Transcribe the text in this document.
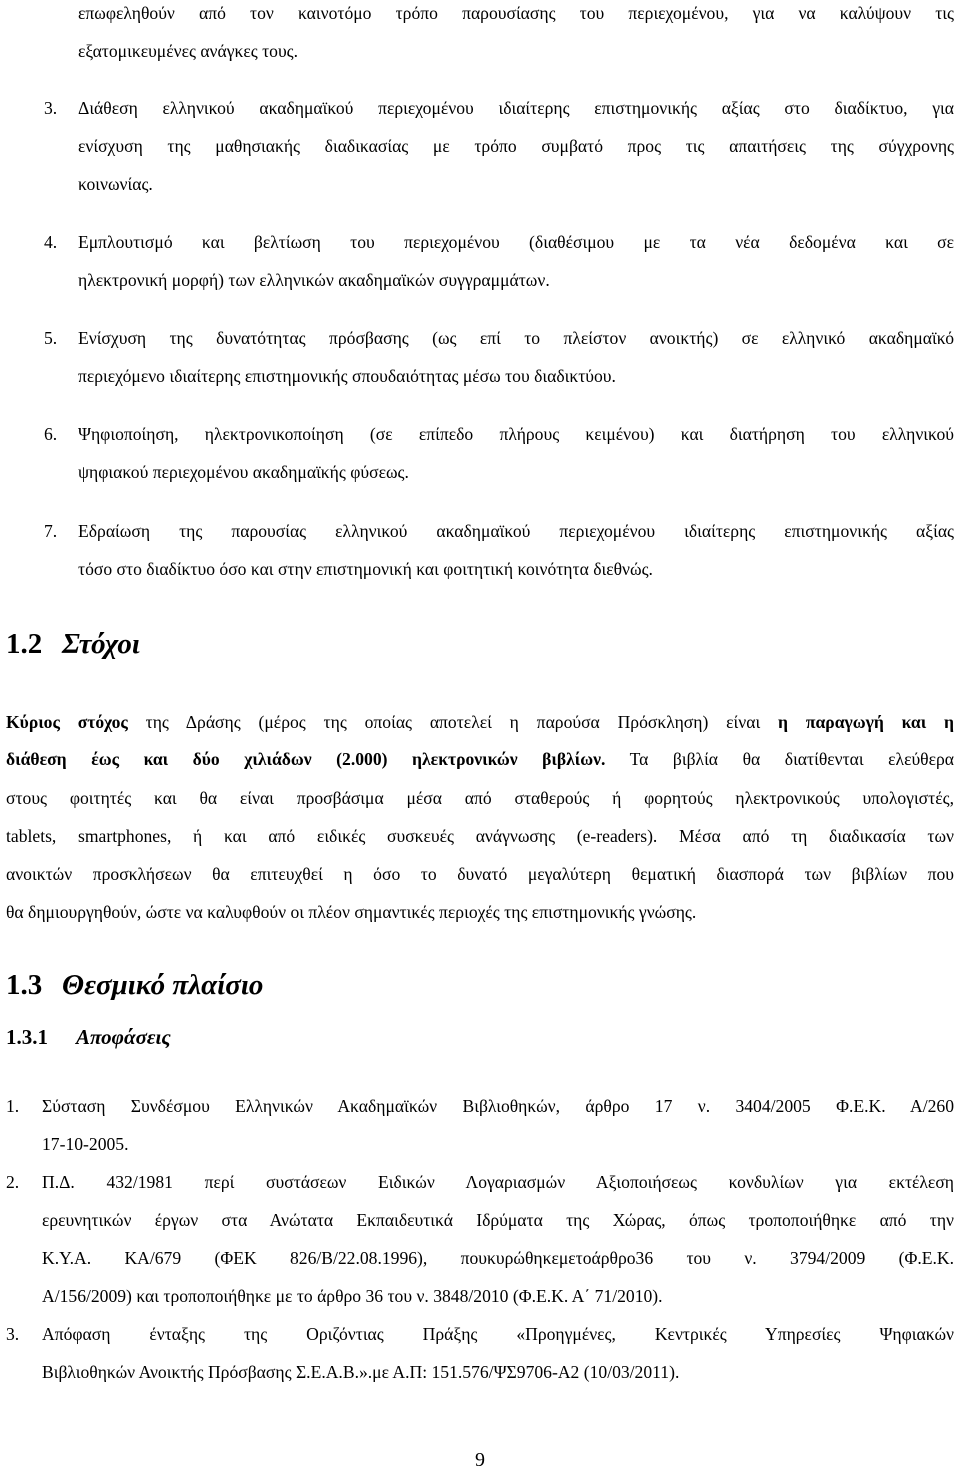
επωφεληθούν από τον καινοτόμο τρόπο παρουσίασης του περιεχομένου, για να καλύψουν τις
εξατομικευμένες ανάγκες τους.
3. Διάθεση ελληνικού ακαδημαϊκού περιεχομένου ιδιαίτερης επιστημονικής αξίας στο διαδίκτυο, για
ενίσχυση της μαθησιακής διαδικασίας με τρόπο συμβατό προς τις απαιτήσεις της σύγχρονης
κοινωνίας.
4. Εμπλουτισμό και βελτίωση του περιεχομένου (διαθέσιμου με τα νέα δεδομένα και σε
ηλεκτρονική μορφή) των ελληνικών ακαδημαϊκών συγγραμμάτων.
5. Ενίσχυση της δυνατότητας πρόσβασης (ως επί το πλείστον ανοικτής) σε ελληνικό ακαδημαϊκό
περιεχόμενο ιδιαίτερης επιστημονικής σπουδαιότητας μέσω του διαδικτύου.
6. Ψηφιοποίηση, ηλεκτρονικοποίηση (σε επίπεδο πλήρους κειμένου) και διατήρηση του ελληνικού
ψηφιακού περιεχομένου ακαδημαϊκής φύσεως.
7. Εδραίωση της παρουσίας ελληνικού ακαδημαϊκού περιεχομένου ιδιαίτερης επιστημονικής αξίας
τόσο στο διαδίκτυο όσο και στην επιστημονική και φοιτητική κοινότητα διεθνώς.
1.2 Στόχοι
Κύριος στόχος της Δράσης (μέρος της οποίας αποτελεί η παρούσα Πρόσκληση) είναι η παραγωγή και η
διάθεση έως και δύο χιλιάδων (2.000) ηλεκτρονικών βιβλίων. Τα βιβλία θα διατίθενται ελεύθερα
στους φοιτητές και θα είναι προσβάσιμα μέσα από σταθερούς ή φορητούς ηλεκτρονικούς υπολογιστές,
tablets, smartphones, ή και από ειδικές συσκευές ανάγνωσης (e-readers). Μέσα από τη διαδικασία των
ανοικτών προσκλήσεων θα επιτευχθεί η όσο το δυνατό μεγαλύτερη θεματική διασπορά των βιβλίων που
θα δημιουργηθούν, ώστε να καλυφθούν οι πλέον σημαντικές περιοχές της επιστημονικής γνώσης.
1.3 Θεσμικό πλαίσιο
1.3.1 Αποφάσεις
1. Σύσταση Συνδέσμου Ελληνικών Ακαδημαϊκών Βιβλιοθηκών, άρθρο 17 ν. 3404/2005 Φ.Ε.Κ. Α/260
17-10-2005.
2. Π.Δ. 432/1981 περί συστάσεων Ειδικών Λογαριασμών Αξιοποιήσεως κονδυλίων για εκτέλεση
ερευνητικών έργων στα Ανώτατα Εκπαιδευτικά Ιδρύματα της Χώρας, όπως τροποποιήθηκε από την
Κ.Υ.Α. ΚΑ/679 (ΦΕΚ 826/Β/22.08.1996), πουκυρώθηκεμετοάρθρο36 του ν. 3794/2009 (Φ.Ε.Κ.
Α/156/2009) και τροποποιήθηκε με το άρθρο 36 του ν. 3848/2010 (Φ.Ε.Κ. Α΄ 71/2010).
3. Απόφαση ένταξης της Οριζόντιας Πράξης «Προηγμένες, Κεντρικές Υπηρεσίες Ψηφιακών
Βιβλιοθηκών Ανοικτής Πρόσβασης Σ.Ε.Α.Β.».με Α.Π: 151.576/ΨΣ9706-Α2 (10/03/2011).
9
